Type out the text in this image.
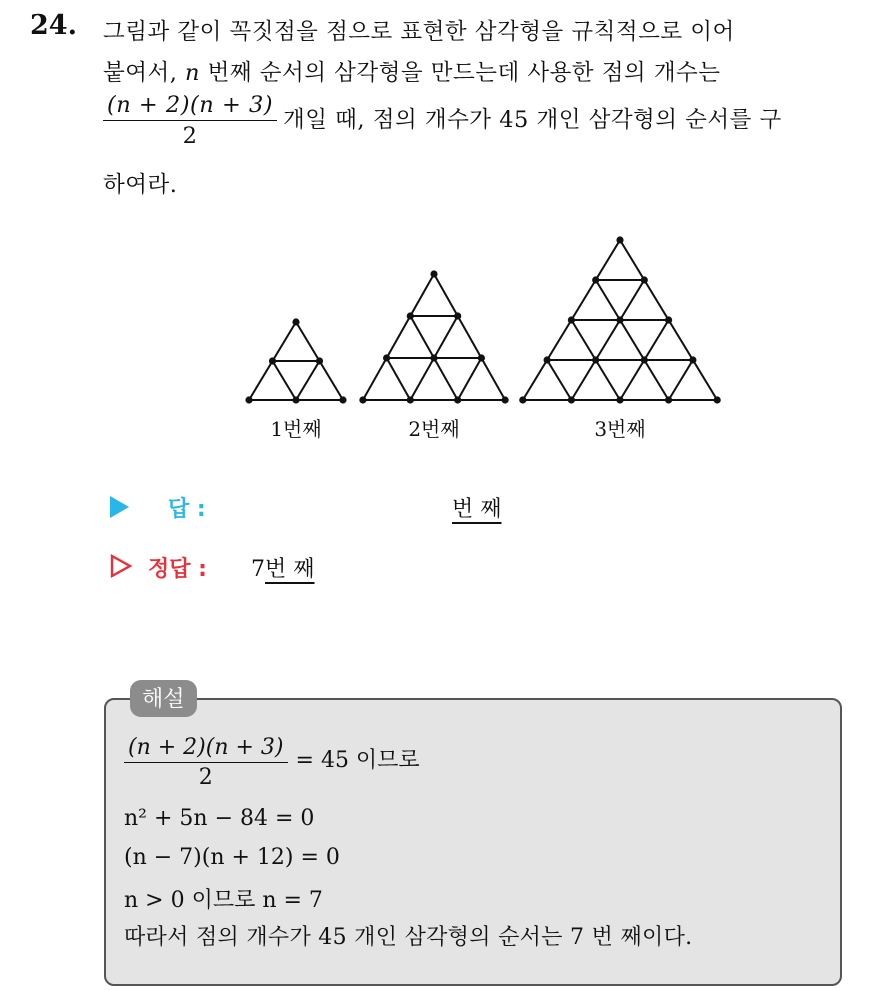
24. 그림과 같이 꼭짓점을 점으로 표현한 삼각형을 규칙적으로 이어
붙여서, n 번째 순서의 삼각형을 만드는데 사용한 점의 개수는
$\frac{(n + 2)(n + 3)}{2}$ 개일 때, 점의 개수가 45 개인 삼각형의 순서를 구
하여라.
1번째	2번째	3번째
답 :	번 째
정답 : 7번 째
해설
$\frac{(n + 2)(n + 3)}{2} = 45$ 이므로
n² + 5n − 84 = 0
(n − 7)(n + 12) = 0
n > 0 이므로 n = 7
따라서 점의 개수가 45 개인 삼각형의 순서는 7 번 째이다.
